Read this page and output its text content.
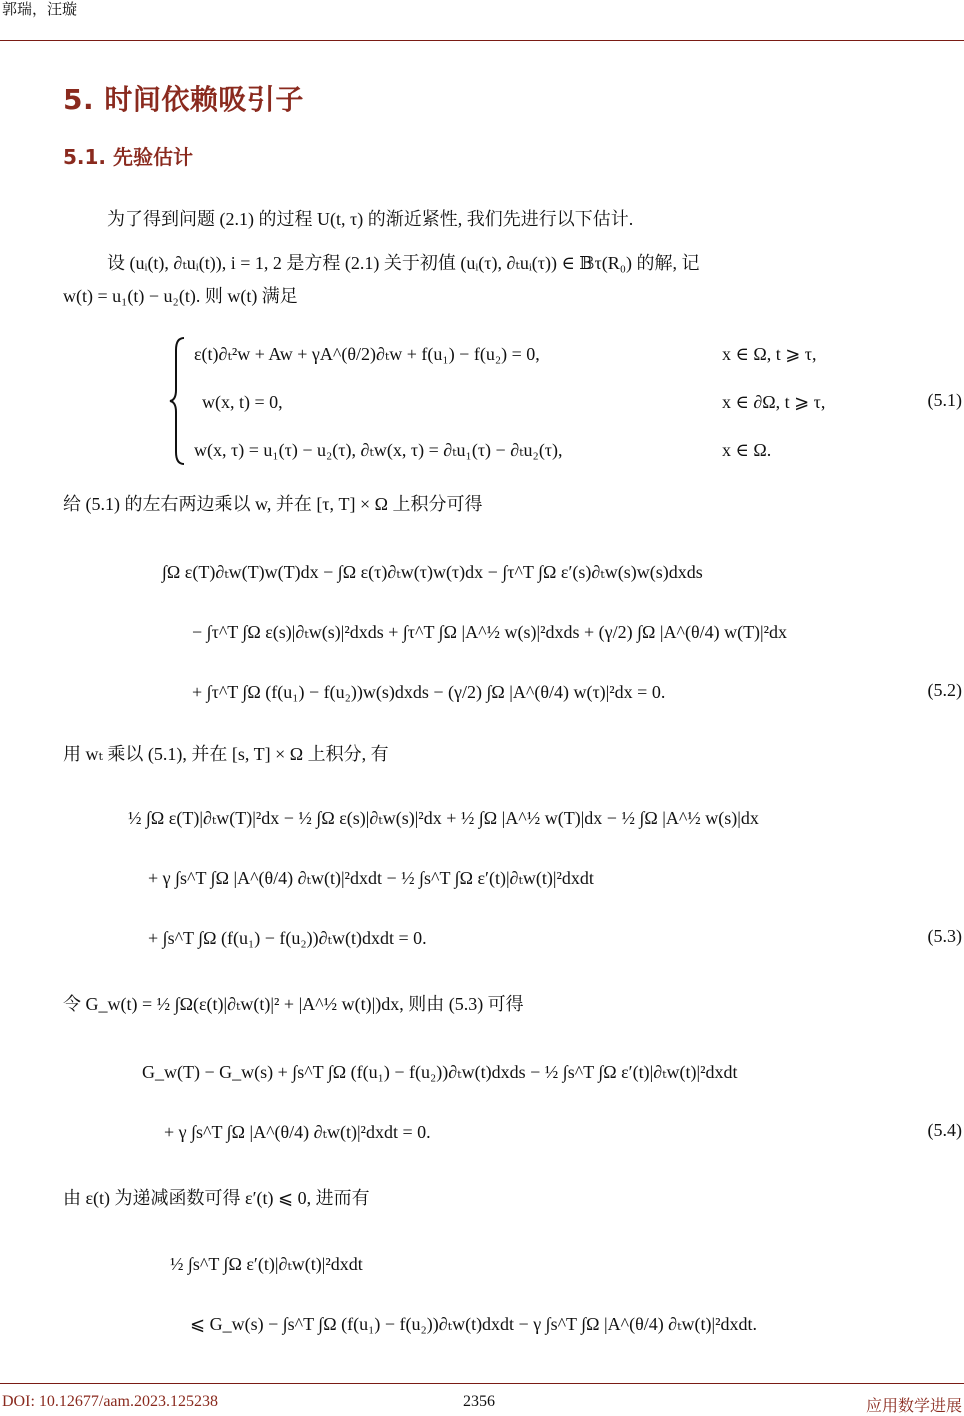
郭瑞，汪璇
5. 时间依赖吸引子
5.1. 先验估计
为了得到问题 (2.1) 的过程 U(t, τ) 的渐近紧性, 我们先进行以下估计.
设 (uᵢ(t), ∂ₜuᵢ(t)), i = 1, 2 是方程 (2.1) 关于初值 (uᵢ(τ), ∂ₜuᵢ(τ)) ∈ 𝔹τ(R₀) 的解, 记
w(t) = u₁(t) − u₂(t). 则 w(t) 满足
ε(t)∂ₜ²w + Aw + γA^(θ/2)∂ₜw + f(u₁) − f(u₂) = 0,	x ∈ Ω, t ⩾ τ,
w(x, t) = 0,	x ∈ ∂Ω, t ⩾ τ,
w(x, τ) = u₁(τ) − u₂(τ), ∂ₜw(x, τ) = ∂ₜu₁(τ) − ∂ₜu₂(τ),	x ∈ Ω.
(5.1)
给 (5.1) 的左右两边乘以 w, 并在 [τ, T] × Ω 上积分可得
∫Ω ε(T)∂ₜw(T)w(T)dx − ∫Ω ε(τ)∂ₜw(τ)w(τ)dx − ∫τ^T ∫Ω ε′(s)∂ₜw(s)w(s)dxds
− ∫τ^T ∫Ω ε(s)|∂ₜw(s)|²dxds + ∫τ^T ∫Ω |A^½ w(s)|²dxds + (γ/2) ∫Ω |A^(θ/4) w(T)|²dx
+ ∫τ^T ∫Ω (f(u₁) − f(u₂))w(s)dxds − (γ/2) ∫Ω |A^(θ/4) w(τ)|²dx = 0.	(5.2)
用 wₜ 乘以 (5.1), 并在 [s, T] × Ω 上积分, 有
½ ∫Ω ε(T)|∂ₜw(T)|²dx − ½ ∫Ω ε(s)|∂ₜw(s)|²dx + ½ ∫Ω |A^½ w(T)|dx − ½ ∫Ω |A^½ w(s)|dx
+ γ ∫s^T ∫Ω |A^(θ/4) ∂ₜw(t)|²dxdt − ½ ∫s^T ∫Ω ε′(t)|∂ₜw(t)|²dxdt
+ ∫s^T ∫Ω (f(u₁) − f(u₂))∂ₜw(t)dxdt = 0.	(5.3)
令 G_w(t) = ½ ∫Ω(ε(t)|∂ₜw(t)|² + |A^½ w(t)|)dx, 则由 (5.3) 可得
G_w(T) − G_w(s) + ∫s^T ∫Ω (f(u₁) − f(u₂))∂ₜw(t)dxds − ½ ∫s^T ∫Ω ε′(t)|∂ₜw(t)|²dxdt
+ γ ∫s^T ∫Ω |A^(θ/4) ∂ₜw(t)|²dxdt = 0.	(5.4)
由 ε(t) 为递减函数可得 ε′(t) ⩽ 0, 进而有
½ ∫s^T ∫Ω ε′(t)|∂ₜw(t)|²dxdt
⩽ G_w(s) − ∫s^T ∫Ω (f(u₁) − f(u₂))∂ₜw(t)dxdt − γ ∫s^T ∫Ω |A^(θ/4) ∂ₜw(t)|²dxdt.
DOI: 10.12677/aam.2023.125238	2356	应用数学进展
